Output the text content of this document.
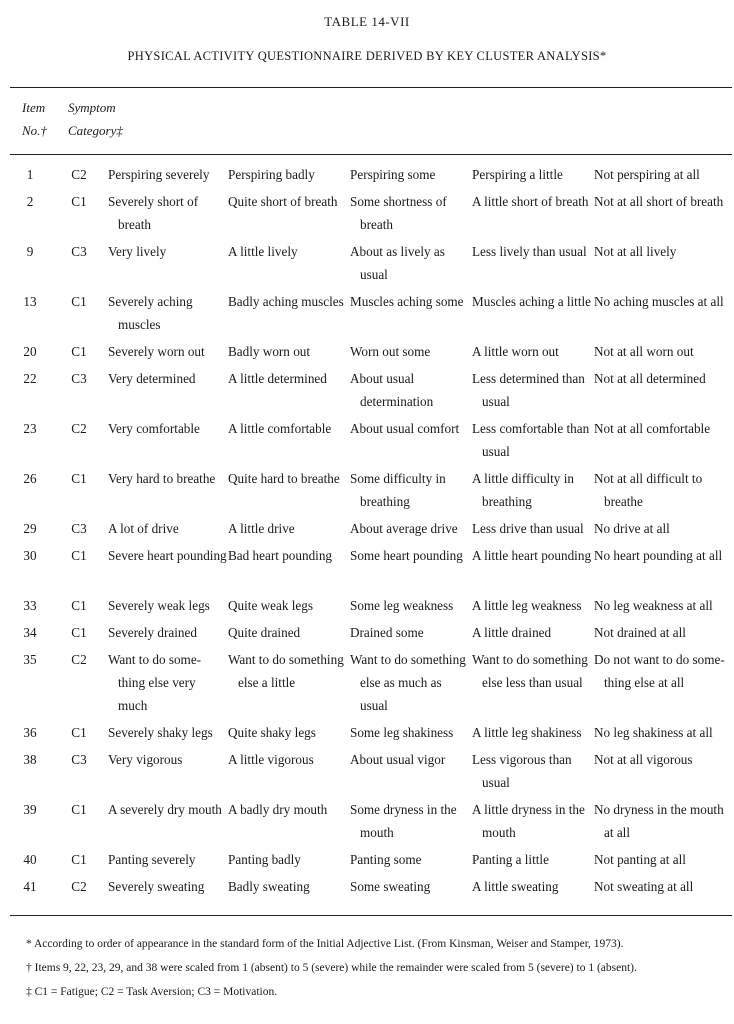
TABLE 14-VII
PHYSICAL ACTIVITY QUESTIONNAIRE DERIVED BY KEY CLUSTER ANALYSIS*
Item
No.†
Symptom
Category‡
1	C2	Perspiring severely	Perspiring badly	Perspiring some	Perspiring a little	Not perspiring at all
2	C1	Severely short of breath	Quite short of breath	Some shortness of breath	A little short of breath	Not at all short of breath
9	C3	Very lively	A little lively	About as lively as usual	Less lively than usual	Not at all lively
13	C1	Severely aching muscles	Badly aching muscles	Muscles aching some	Muscles aching a little	No aching muscles at all
20	C1	Severely worn out	Badly worn out	Worn out some	A little worn out	Not at all worn out
22	C3	Very determined	A little determined	About usual determination	Less determined than usual	Not at all determined
23	C2	Very comfortable	A little comfortable	About usual comfort	Less comfortable than usual	Not at all comfortable
26	C1	Very hard to breathe	Quite hard to breathe	Some difficulty in breathing	A little difficulty in breathing	Not at all difficult to breathe
29	C3	A lot of drive	A little drive	About average drive	Less drive than usual	No drive at all
30	C1	Severe heart pounding	Bad heart pounding	Some heart pounding	A little heart pounding	No heart pounding at all
33	C1	Severely weak legs	Quite weak legs	Some leg weakness	A little leg weakness	No leg weakness at all
34	C1	Severely drained	Quite drained	Drained some	A little drained	Not drained at all
35	C2	Want to do some-thing else very much	Want to do something else a little	Want to do something else as much as usual	Want to do something else less than usual	Do not want to do some-thing else at all
36	C1	Severely shaky legs	Quite shaky legs	Some leg shakiness	A little leg shakiness	No leg shakiness at all
38	C3	Very vigorous	A little vigorous	About usual vigor	Less vigorous than usual	Not at all vigorous
39	C1	A severely dry mouth	A badly dry mouth	Some dryness in the mouth	A little dryness in the mouth	No dryness in the mouth at all
40	C1	Panting severely	Panting badly	Panting some	Panting a little	Not panting at all
41	C2	Severely sweating	Badly sweating	Some sweating	A little sweating	Not sweating at all
* According to order of appearance in the standard form of the Initial Adjective List. (From Kinsman, Weiser and Stamper, 1973).
† Items 9, 22, 23, 29, and 38 were scaled from 1 (absent) to 5 (severe) while the remainder were scaled from 5 (severe) to 1 (absent).
‡ C1 = Fatigue; C2 = Task Aversion; C3 = Motivation.
